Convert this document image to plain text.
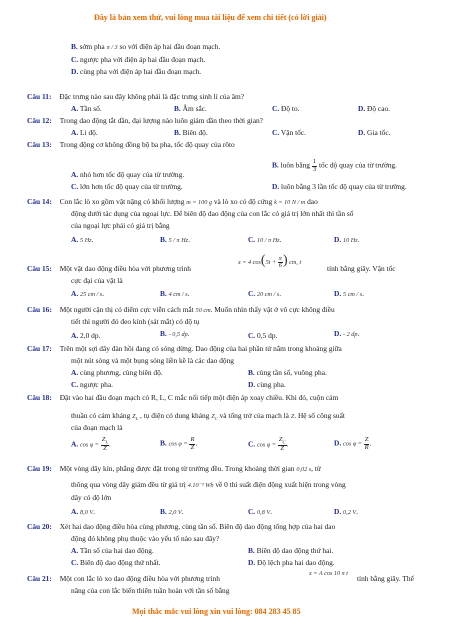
Đây là bản xem thử, vui lòng mua tài liệu để xem chi tiết (có lời giải)
B. sớm pha π / 3 so với điện áp hai đầu đoạn mạch.
C. ngược pha với điện áp hai đầu đoạn mạch.
D. cùng pha với điện áp hai đầu đoạn mạch.
Câu 11: Đặc trưng nào sau đây không phải là đặc trưng sinh lí của âm?
A. Tần số.	B. Âm sắc.	C. Độ to.	D. Độ cao.
Câu 12: Trong dao động tắt dần, đại lượng nào luôn giảm dần theo thời gian?
A. Li độ.	B. Biên độ.	C. Vận tốc.	D. Gia tốc.
Câu 13: Trong động cơ không đồng bộ ba pha, tốc độ quay của rôto
A. nhỏ hơn tốc độ quay của từ trường.
B. luôn bằng $\frac{1}{3}$ tốc độ quay của từ trường.
C. lớn hơn tốc độ quay của từ trường.	D. luôn bằng 3 lần tốc độ quay của từ trường.
Câu 14: Con lắc lò xo gồm vật nặng có khối lượng m = 100 g và lò xo có độ cứng k = 10 N / m dao
động dưới tác dụng của ngoại lực. Để biên độ dao động của con lắc có giá trị lớn nhất thì tần số
của ngoại lực phải có giá trị bằng
A. 5 Hz.	B. 5 / π Hz.	C. 10 / π Hz.	D. 10 Hz.
Câu 15: Một vật dao động điều hòa với phương trình
x = 4 $\cos(5t + \frac{\pi}{6}$ ) cm, t
tính bằng giây. Vận tốc
cực đại của vật là
A. 25 cm / s.	B. 4 cm / s.	C. 20 cm / s.	D. 5 cm / s.
Câu 16: Một người cận thị có điểm cực viễn cách mắt 50 cm. Muốn nhìn thấy vật ở vô cực không điều
tiết thì người đó đeo kính (sát mắt) có độ tụ
A. 2,0 dp.	B. - 0,5 dp.	C. 0,5 dp.	D. - 2 dp.
Câu 17: Trên một sợi dây đàn hồi đang có sóng dừng. Dao động của hai phần tử nằm trong khoảng giữa
một nút sóng và một bụng sóng liền kề là các dao động
A. cùng phương, cùng biên độ.	B. cùng tần số, vuông pha.
C. ngược pha.	D. cùng pha.
Câu 18: Đặt vào hai đầu đoạn mạch có R, L, C mắc nối tiếp một điện áp xoay chiều. Khi đó, cuộn cảm
thuần có cảm kháng $Z_L$ , tụ điện có dung kháng $Z_C$ và tổng trở của mạch là Z. Hệ số công suất
của đoạn mạch là
A. $\cos \varphi = \frac{Z_L}{Z}$ .	B. $\cos \varphi = \frac{R}{Z}$ .	C. $\cos \varphi = \frac{Z_C}{Z}$ .	D. $\cos \varphi = \frac{Z}{R}$ .
Câu 19: Một vòng dây kín, phẳng được đặt trong từ trường đều. Trong khoảng thời gian 0,02 s, từ
thông qua vòng dây giảm đều từ giá trị 4.10⁻³ Wb về 0 thì suất điện động xuất hiện trong vòng
dây có độ lớn
A. 8,0 V.	B. 2,0 V.	C. 0,8 V.	D. 0,2 V.
Câu 20: Xét hai dao động điều hòa cùng phương, cùng tần số. Biên độ dao động tổng hợp của hai dao
động đó không phụ thuộc vào yếu tố nào sau đây?
A. Tần số của hai dao động.	B. Biên độ dao động thứ hai.
C. Biên độ dao động thứ nhất.	D. Độ lệch pha hai dao động.
Câu 21: Một con lắc lò xo dao động điều hòa với phương trình
x = A cos 10 π t
tính bằng giây. Thế
năng của con lắc biến thiên tuần hoàn với tần số bằng
Mọi thắc mắc vui lòng xin vui lòng: 084 283 45 85
